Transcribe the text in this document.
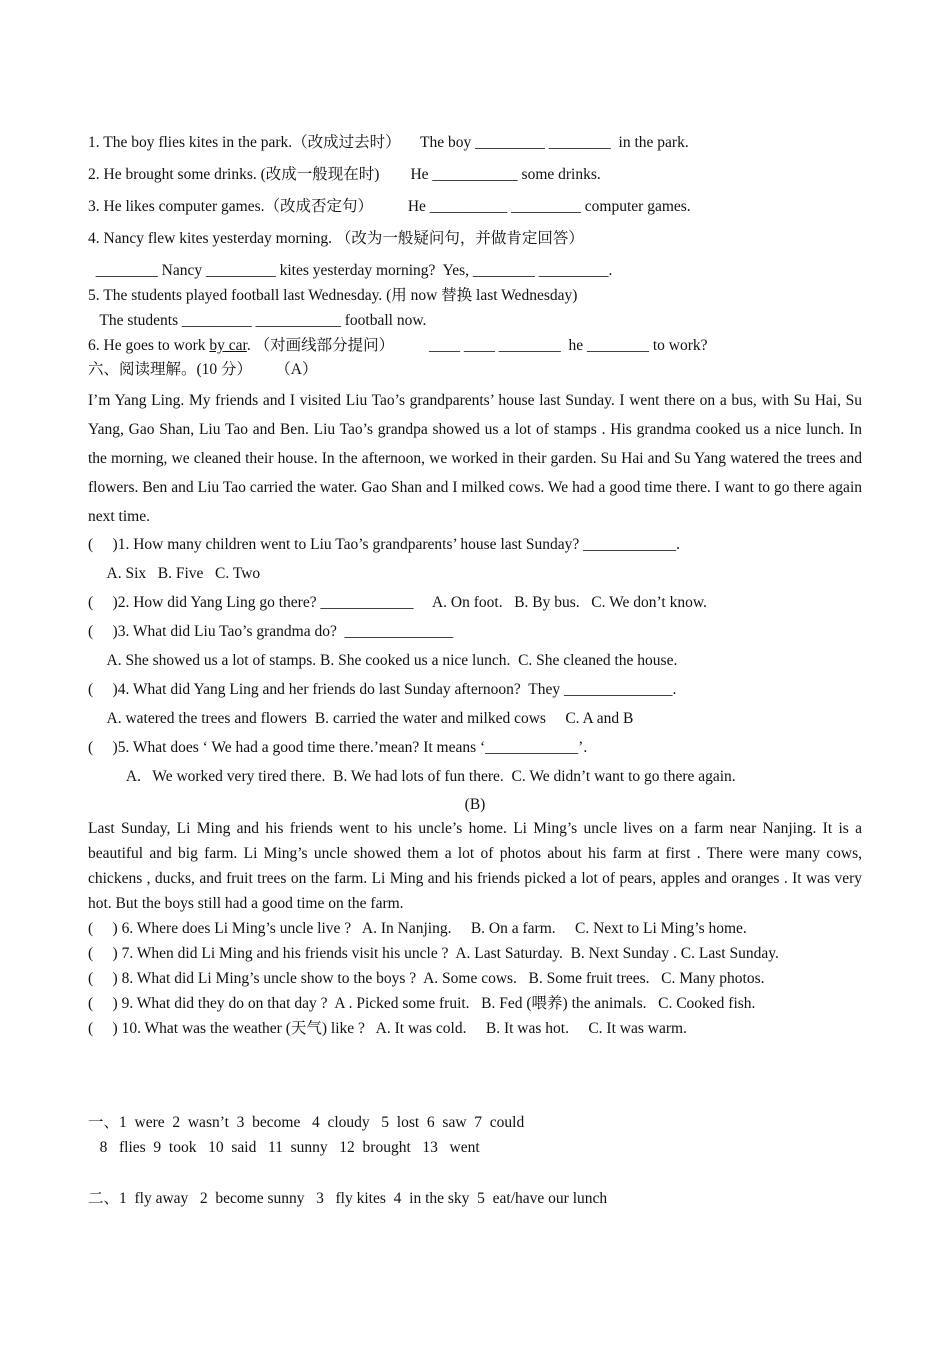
1. The boy flies kites in the park.（改成过去时）     The boy _________ ________  in the park.
2. He brought some drinks. (改成一般现在时)        He ___________ some drinks.
3. He likes computer games.（改成否定句）         He __________ _________ computer games.
4. Nancy flew kites yesterday morning. （改为一般疑问句，并做肯定回答）
________ Nancy _________ kites yesterday morning?  Yes, ________ _________.
5. The students played football last Wednesday. (用 now 替换 last Wednesday)
The students _________ ___________ football now.
6. He goes to work by car. （对画线部分提问）         ____ ____ ________  he ________ to work?
六、阅读理解。(10 分）      （A）
I’m Yang Ling. My friends and I visited Liu Tao’s grandparents’ house last Sunday. I went there on a bus, with Su Hai, Su Yang, Gao Shan, Liu Tao and Ben. Liu Tao’s grandpa showed us a lot of stamps . His grandma cooked us a nice lunch. In the morning, we cleaned their house. In the afternoon, we worked in their garden. Su Hai and Su Yang watered the trees and flowers. Ben and Liu Tao carried the water. Gao Shan and I milked cows. We had a good time there. I want to go there again next time.
(     )1. How many children went to Liu Tao’s grandparents’ house last Sunday? ____________.
A. Six   B. Five   C. Two
(     )2. How did Yang Ling go there? ____________     A. On foot.   B. By bus.   C. We don’t know.
(     )3. What did Liu Tao’s grandma do?  ______________
A. She showed us a lot of stamps. B. She cooked us a nice lunch.  C. She cleaned the house.
(     )4. What did Yang Ling and her friends do last Sunday afternoon?  They ______________.
A. watered the trees and flowers  B. carried the water and milked cows     C. A and B
(     )5. What does ‘ We had a good time there.’mean? It means ‘____________’.
A.   We worked very tired there.  B. We had lots of fun there.  C. We didn’t want to go there again.
(B)
Last Sunday, Li Ming and his friends went to his uncle’s home. Li Ming’s uncle lives on a farm near Nanjing. It is a beautiful and big farm. Li Ming’s uncle showed them a lot of photos about his farm at first . There were many cows, chickens , ducks, and fruit trees on the farm. Li Ming and his friends picked a lot of pears, apples and oranges . It was very hot. But the boys still had a good time on the farm.
(     ) 6. Where does Li Ming’s uncle live ?   A. In Nanjing.     B. On a farm.     C. Next to Li Ming’s home.
(     ) 7. When did Li Ming and his friends visit his uncle ?  A. Last Saturday.  B. Next Sunday . C. Last Sunday.
(     ) 8. What did Li Ming’s uncle show to the boys ?  A. Some cows.   B. Some fruit trees.   C. Many photos.
(     ) 9. What did they do on that day ?  A . Picked some fruit.   B. Fed (喂养) the animals.   C. Cooked fish.
(     ) 10. What was the weather (天气) like ?   A. It was cold.     B. It was hot.     C. It was warm.
一、1  were  2  wasn’t  3  become   4  cloudy   5  lost  6  saw  7  could
8   flies  9  took   10  said   11  sunny   12  brought   13   went
二、1  fly away   2  become sunny   3   fly kites  4  in the sky  5  eat/have our lunch
